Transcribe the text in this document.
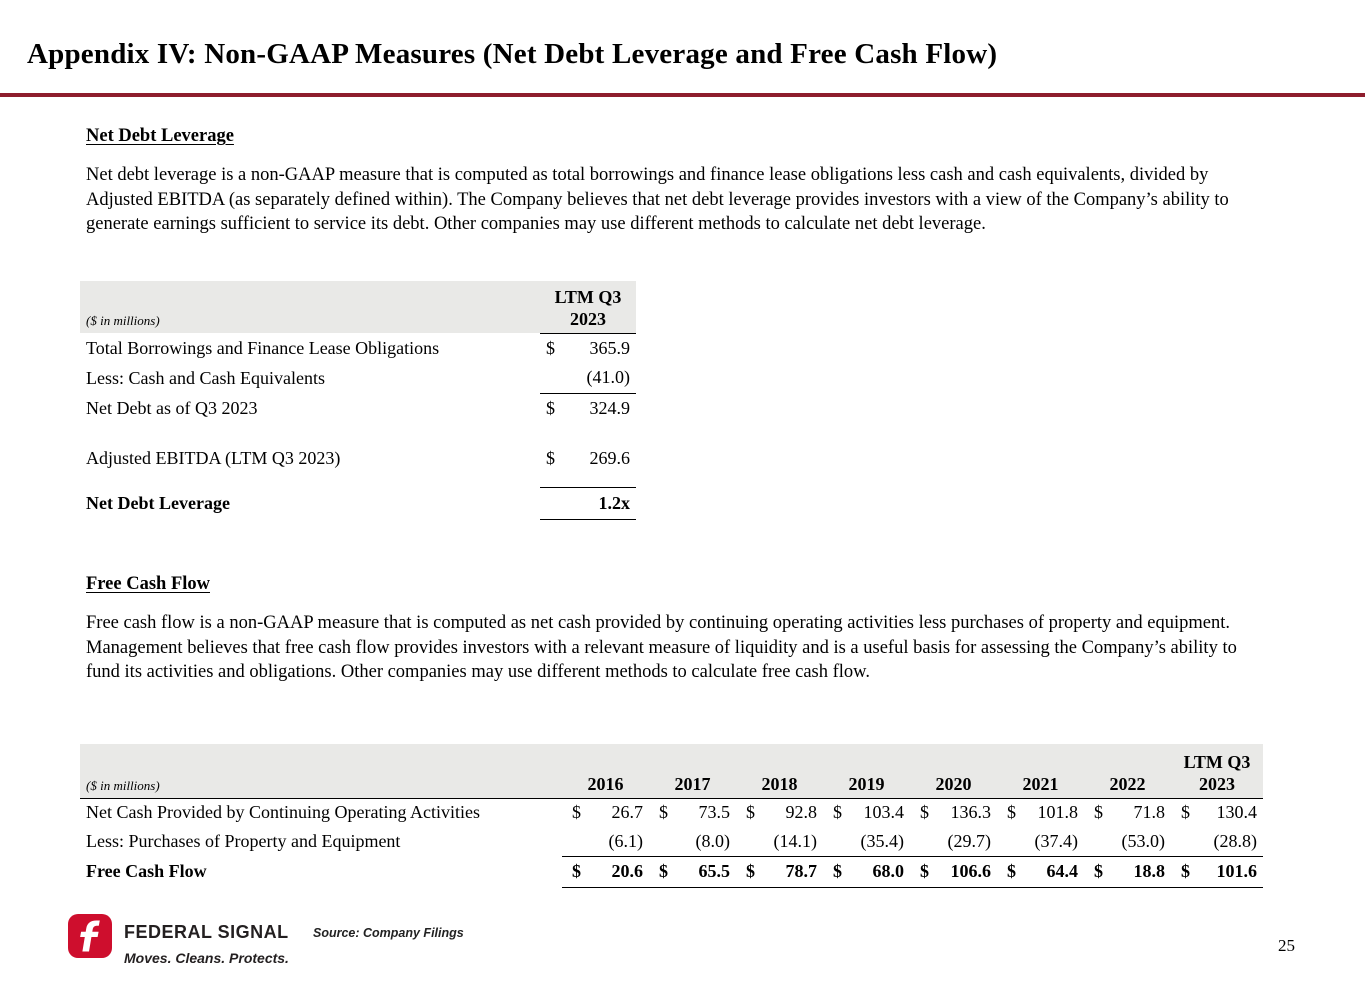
Appendix IV: Non-GAAP Measures (Net Debt Leverage and Free Cash Flow)
Net Debt Leverage

Net debt leverage is a non-GAAP measure that is computed as total borrowings and finance lease obligations less cash and cash equivalents, divided by Adjusted EBITDA (as separately defined within). The Company believes that net debt leverage provides investors with a view of the Company’s ability to generate earnings sufficient to service its debt. Other companies may use different methods to calculate net debt leverage.

($ in millions)	LTM Q3
2023

Total Borrowings and Finance Lease Obligations	$ 365.9

Less: Cash and Cash Equivalents	(41.0)

Net Debt as of Q3 2023	$ 324.9

Adjusted EBITDA (LTM Q3 2023)	$ 269.6

Net Debt Leverage	1.2x
Free Cash Flow

Free cash flow is a non-GAAP measure that is computed as net cash provided by continuing operating activities less purchases of property and equipment. Management believes that free cash flow provides investors with a relevant measure of liquidity and is a useful basis for assessing the Company’s ability to fund its activities and obligations. Other companies may use different methods to calculate free cash flow.

($ in millions)	2016	2017	2018	2019	2020	2021	2022	LTM Q3
2023

Net Cash Provided by Continuing Operating Activities	$ 26.7	$ 73.5	$ 92.8	$ 103.4	$ 136.3	$ 101.8	$ 71.8	$ 130.4

Less: Purchases of Property and Equipment	(6.1)	(8.0)	(14.1)	(35.4)	(29.7)	(37.4)	(53.0)	(28.8)

Free Cash Flow	$ 20.6	$ 65.5	$ 78.7	$ 68.0	$ 106.6	$ 64.4	$ 18.8	$ 101.6
FEDERAL SIGNAL
Moves. Cleans. Protects.
Source: Company Filings
25
